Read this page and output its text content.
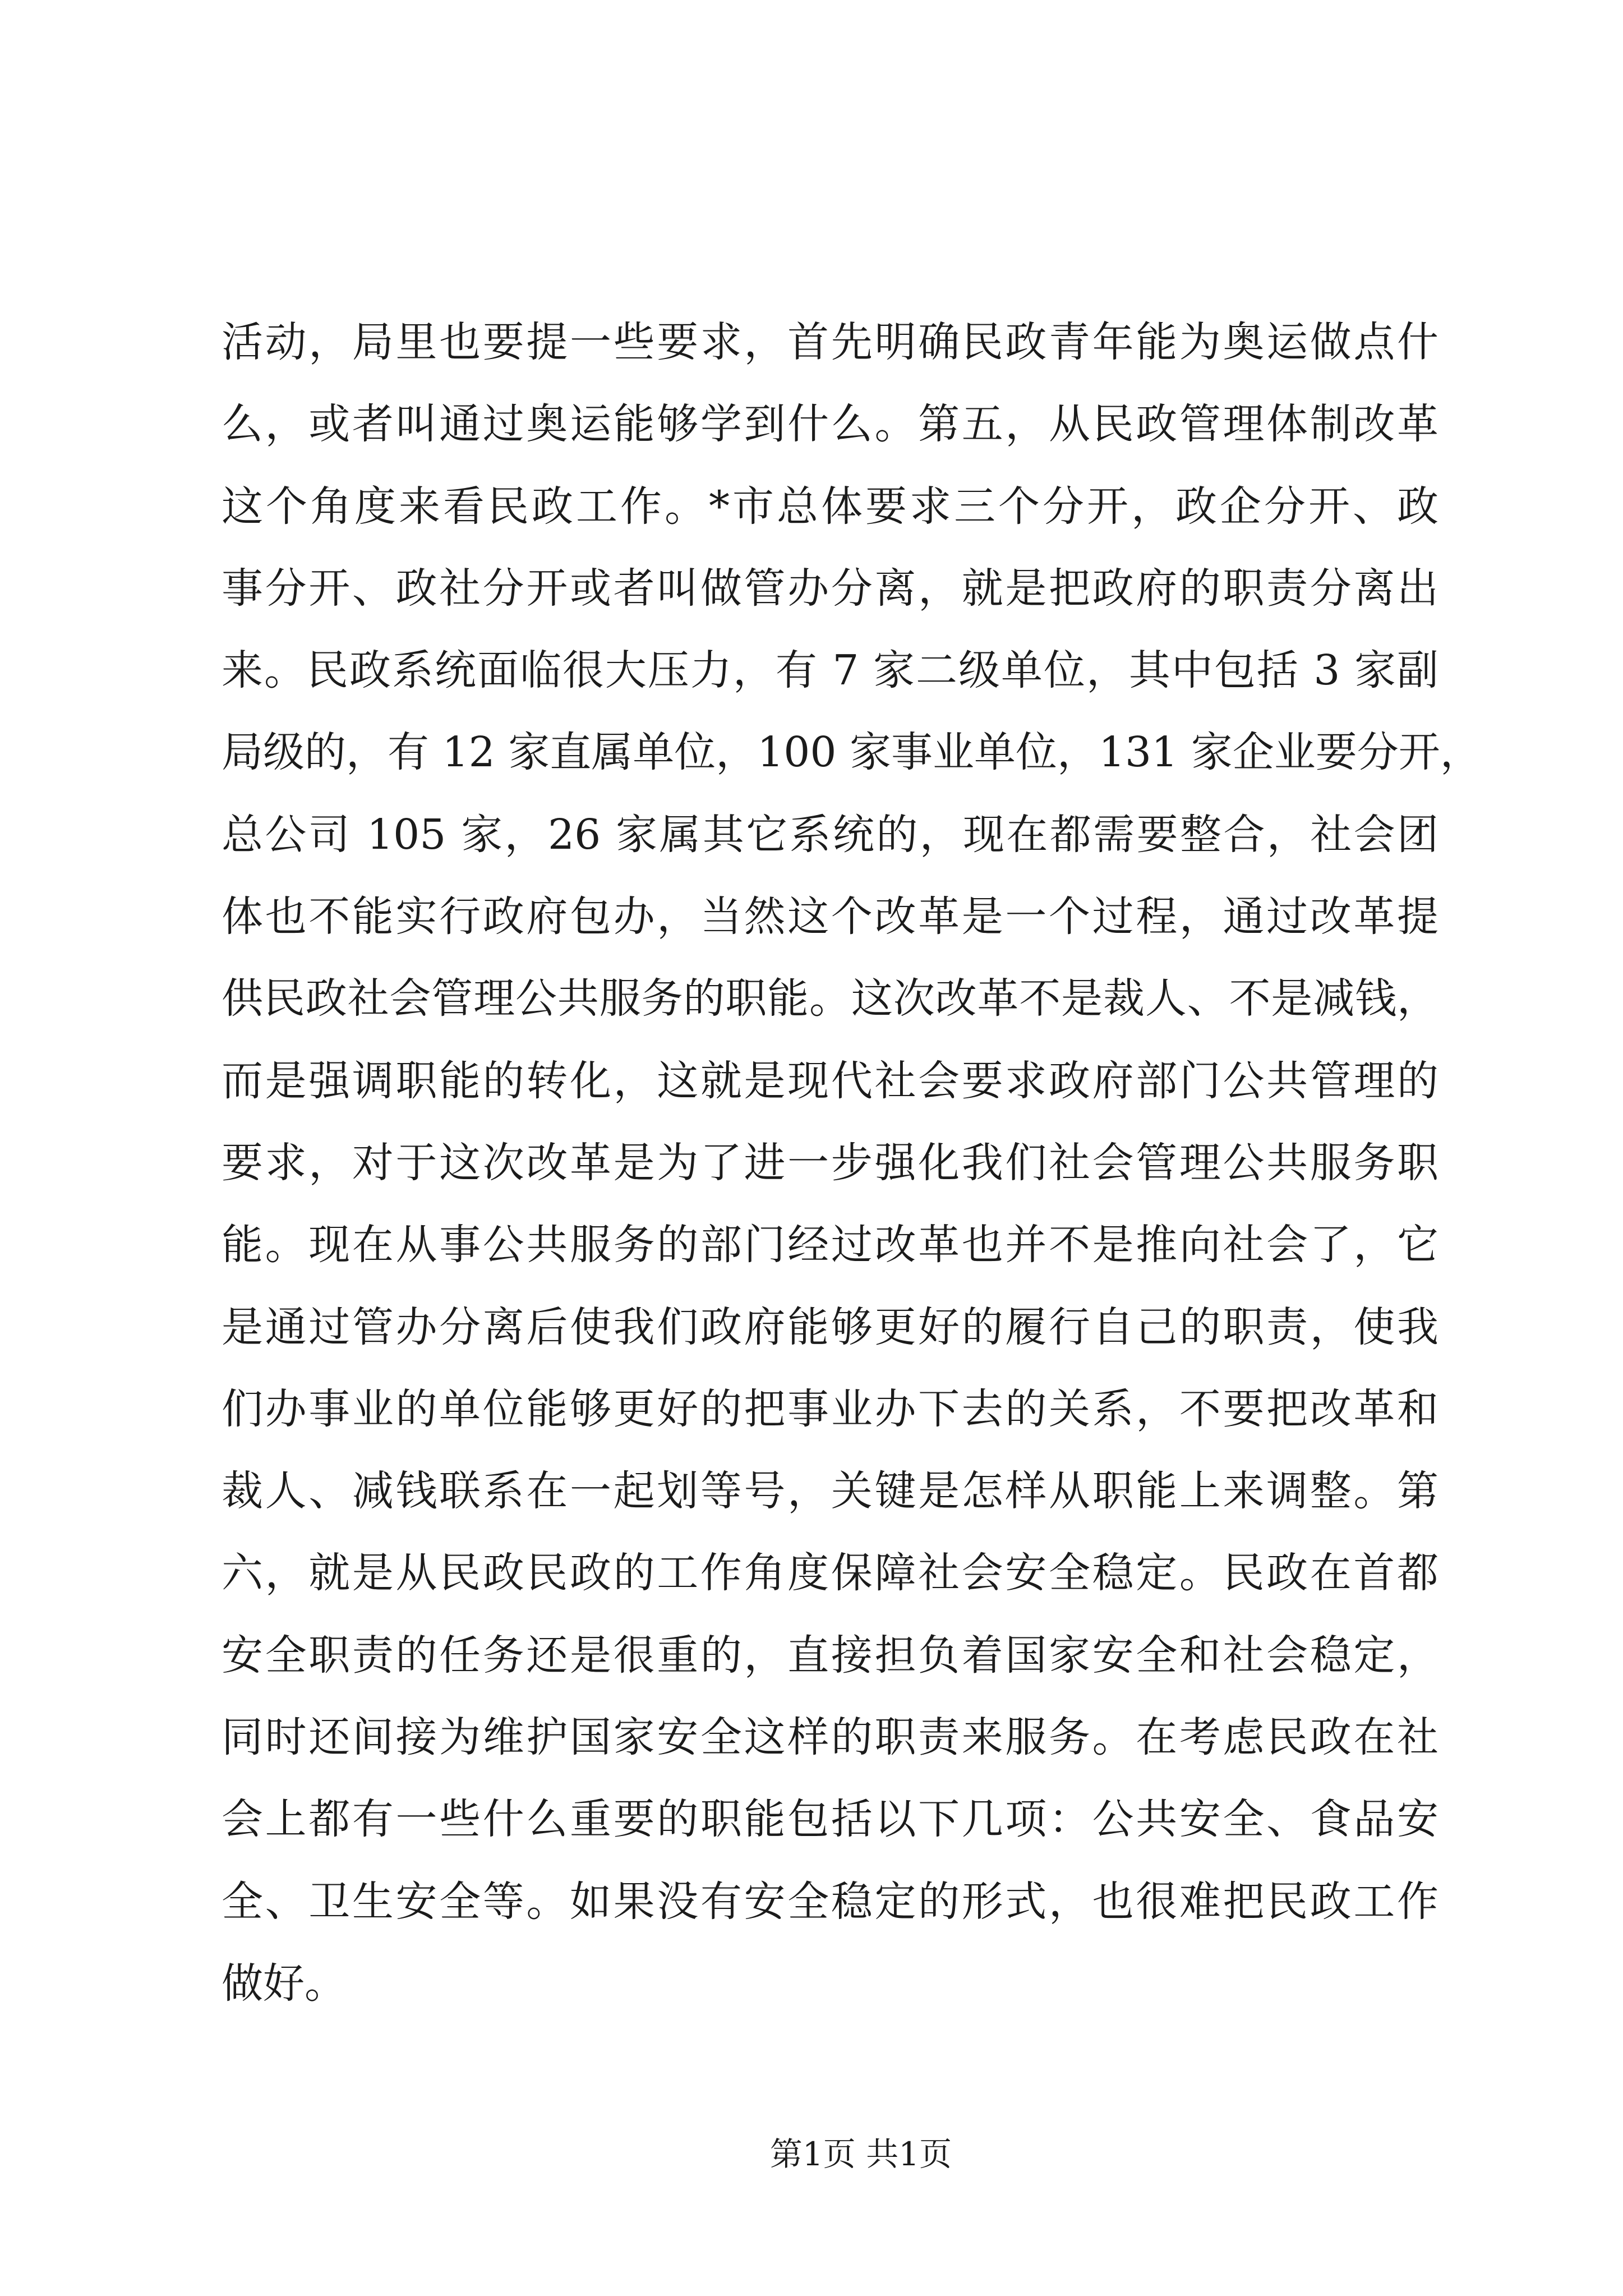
活动，局里也要提一些要求，首先明确民政青年能为奥运做点什
么，或者叫通过奥运能够学到什么。第五，从民政管理体制改革
这个角度来看民政工作。*市总体要求三个分开，政企分开、政
事分开、政社分开或者叫做管办分离，就是把政府的职责分离出
来。民政系统面临很大压力，有 7 家二级单位，其中包括 3 家副
局级的，有 12 家直属单位，100 家事业单位，131 家企业要分开，
总公司 105 家，26 家属其它系统的，现在都需要整合，社会团
体也不能实行政府包办，当然这个改革是一个过程，通过改革提
供民政社会管理公共服务的职能。这次改革不是裁人、不是减钱，
而是强调职能的转化，这就是现代社会要求政府部门公共管理的
要求，对于这次改革是为了进一步强化我们社会管理公共服务职
能。现在从事公共服务的部门经过改革也并不是推向社会了，它
是通过管办分离后使我们政府能够更好的履行自己的职责，使我
们办事业的单位能够更好的把事业办下去的关系，不要把改革和
裁人、减钱联系在一起划等号，关键是怎样从职能上来调整。第
六，就是从民政民政的工作角度保障社会安全稳定。民政在首都
安全职责的任务还是很重的，直接担负着国家安全和社会稳定，
同时还间接为维护国家安全这样的职责来服务。在考虑民政在社
会上都有一些什么重要的职能包括以下几项：公共安全、食品安
全、卫生安全等。如果没有安全稳定的形式，也很难把民政工作
做好。
第1页 共1页
